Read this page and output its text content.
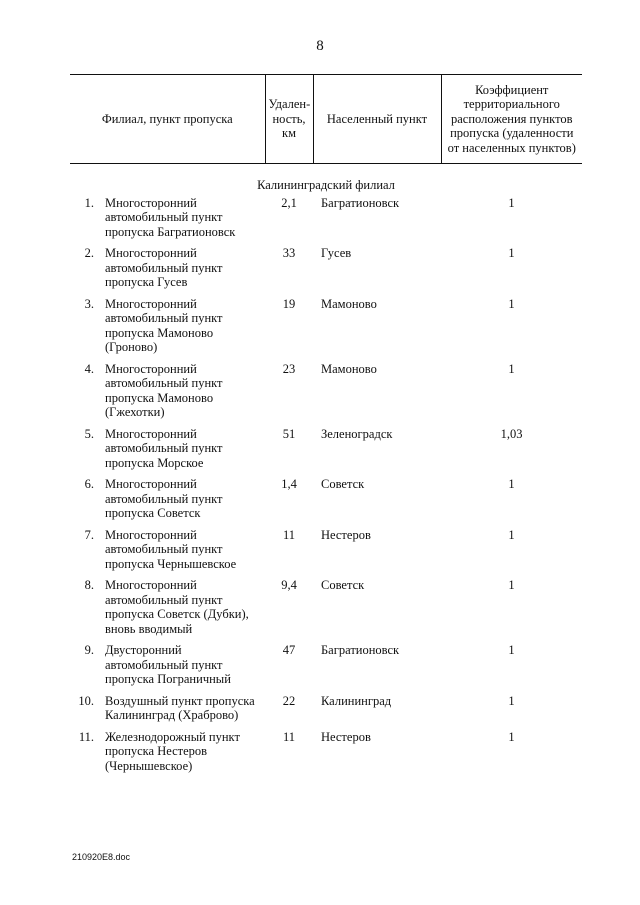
8
Филиал, пункт пропуска		Удален-ность, км	Населенный пункт	Коэффициент территориального расположения пунктов пропуска (удаленности от населенных пунктов)
Калининградский филиал				
1.	Многосторонний автомобильный пункт пропуска Багратионовск	2,1	Багратионовск	1
2.	Многосторонний автомобильный пункт пропуска Гусев	33	Гусев	1
3.	Многосторонний автомобильный пункт пропуска Мамоново (Гроново)	19	Мамоново	1
4.	Многосторонний автомобильный пункт пропуска Мамоново (Гжехотки)	23	Мамоново	1
5.	Многосторонний автомобильный пункт пропуска Морское	51	Зеленоградск	1,03
6.	Многосторонний автомобильный пункт пропуска Советск	1,4	Советск	1
7.	Многосторонний автомобильный пункт пропуска Чернышевское	11	Нестеров	1
8.	Многосторонний автомобильный пункт пропуска Советск (Дубки), вновь вводимый	9,4	Советск	1
9.	Двусторонний автомобильный пункт пропуска Пограничный	47	Багратионовск	1
10.	Воздушный пункт пропуска Калининград (Храброво)	22	Калининград	1
11.	Железнодорожный пункт пропуска Нестеров (Чернышевское)	11	Нестеров	1
210920E8.doc
